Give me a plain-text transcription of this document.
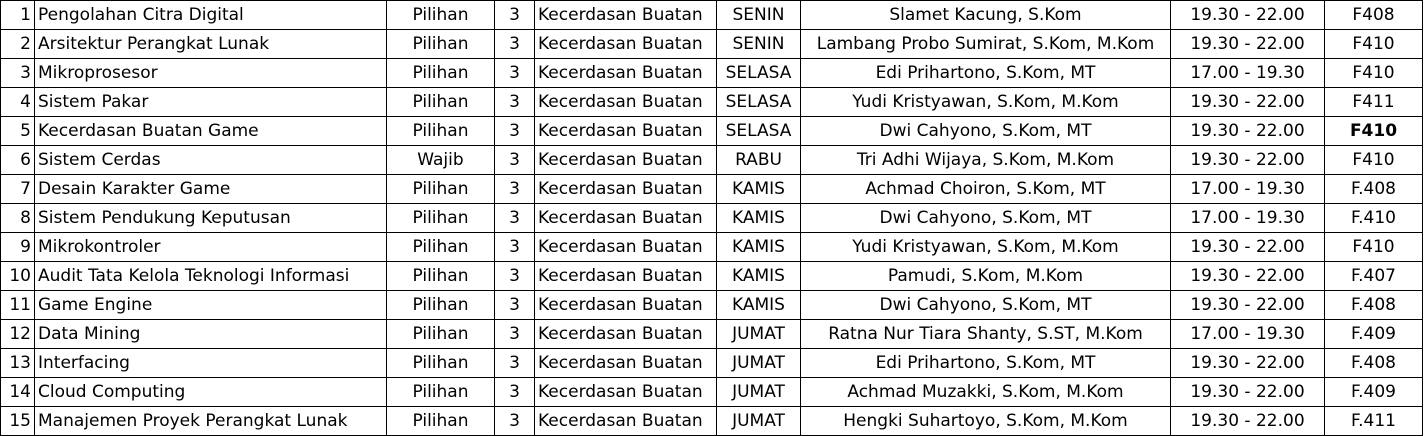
1	Pengolahan Citra Digital	Pilihan	3	Kecerdasan Buatan	SENIN	Slamet Kacung, S.Kom	19.30 - 22.00	F408
2	Arsitektur Perangkat Lunak	Pilihan	3	Kecerdasan Buatan	SENIN	Lambang Probo Sumirat, S.Kom, M.Kom	19.30 - 22.00	F410
3	Mikroprosesor	Pilihan	3	Kecerdasan Buatan	SELASA	Edi Prihartono, S.Kom, MT	17.00 - 19.30	F410
4	Sistem Pakar	Pilihan	3	Kecerdasan Buatan	SELASA	Yudi Kristyawan, S.Kom, M.Kom	19.30 - 22.00	F411
5	Kecerdasan Buatan Game	Pilihan	3	Kecerdasan Buatan	SELASA	Dwi Cahyono, S.Kom, MT	19.30 - 22.00	F410
6	Sistem Cerdas	Wajib	3	Kecerdasan Buatan	RABU	Tri Adhi Wijaya, S.Kom, M.Kom	19.30 - 22.00	F410
7	Desain Karakter Game	Pilihan	3	Kecerdasan Buatan	KAMIS	Achmad Choiron, S.Kom, MT	17.00 - 19.30	F.408
8	Sistem Pendukung Keputusan	Pilihan	3	Kecerdasan Buatan	KAMIS	Dwi Cahyono, S.Kom, MT	17.00 - 19.30	F.410
9	Mikrokontroler	Pilihan	3	Kecerdasan Buatan	KAMIS	Yudi Kristyawan, S.Kom, M.Kom	19.30 - 22.00	F410
10	Audit Tata Kelola Teknologi Informasi	Pilihan	3	Kecerdasan Buatan	KAMIS	Pamudi, S.Kom, M.Kom	19.30 - 22.00	F.407
11	Game Engine	Pilihan	3	Kecerdasan Buatan	KAMIS	Dwi Cahyono, S.Kom, MT	19.30 - 22.00	F.408
12	Data Mining	Pilihan	3	Kecerdasan Buatan	JUMAT	Ratna Nur Tiara Shanty, S.ST, M.Kom	17.00 - 19.30	F.409
13	Interfacing	Pilihan	3	Kecerdasan Buatan	JUMAT	Edi Prihartono, S.Kom, MT	19.30 - 22.00	F.408
14	Cloud Computing	Pilihan	3	Kecerdasan Buatan	JUMAT	Achmad Muzakki, S.Kom, M.Kom	19.30 - 22.00	F.409
15	Manajemen Proyek Perangkat Lunak	Pilihan	3	Kecerdasan Buatan	JUMAT	Hengki Suhartoyo, S.Kom, M.Kom	19.30 - 22.00	F.411
